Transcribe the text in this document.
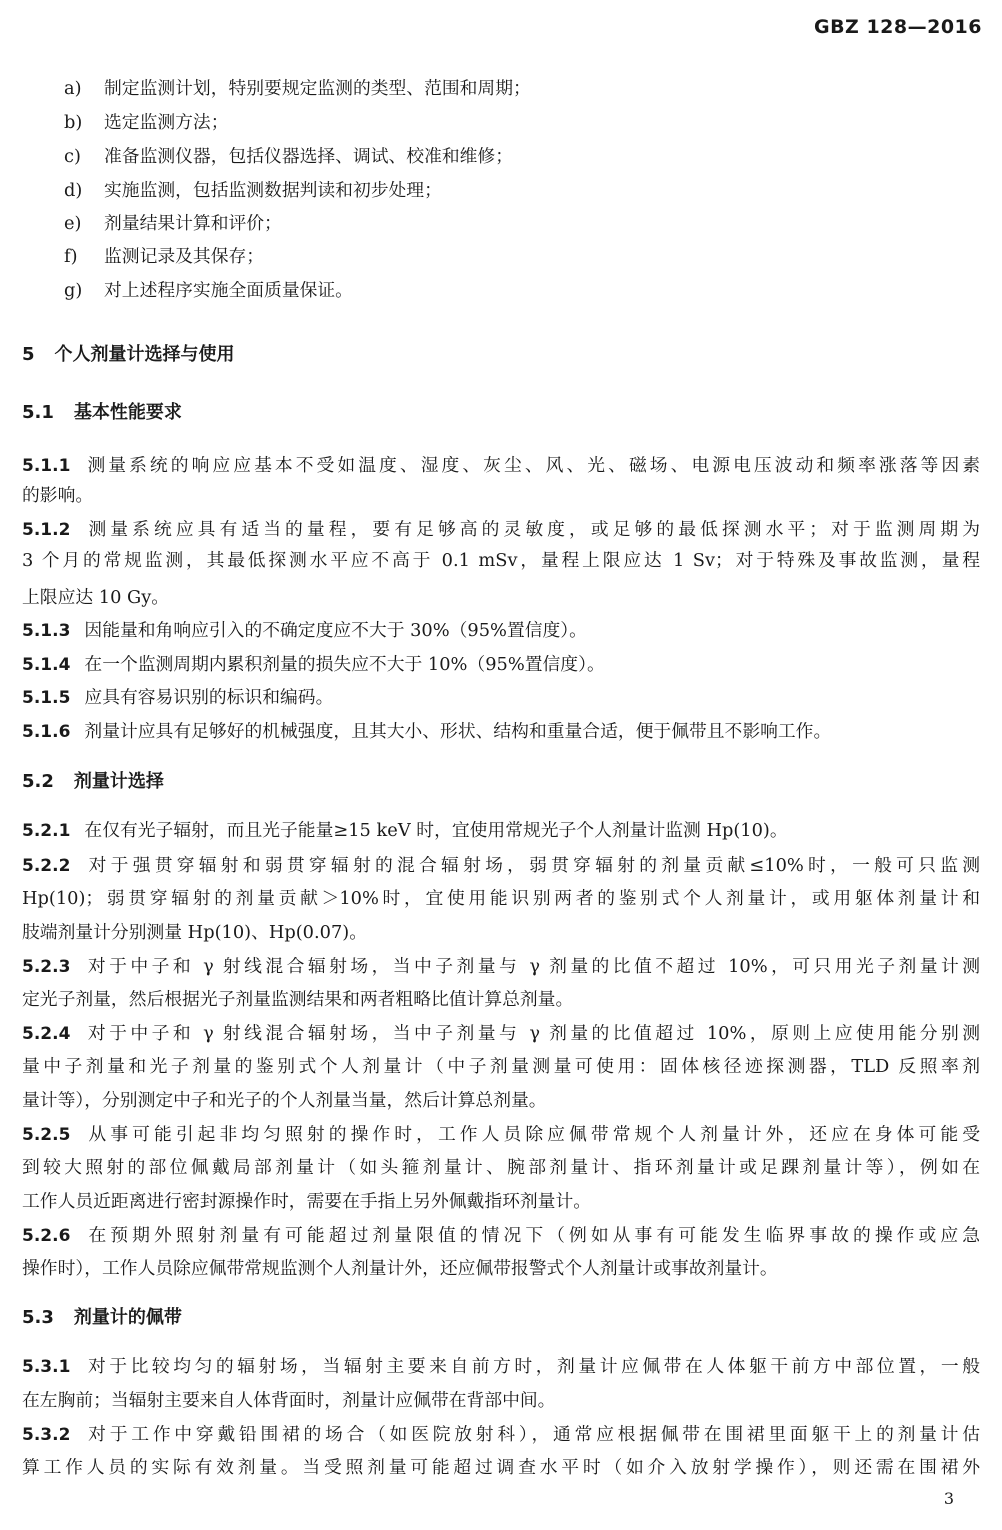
GBZ 128—2016
a) 制定监测计划，特别要规定监测的类型、范围和周期；
b) 选定监测方法；
c) 准备监测仪器，包括仪器选择、调试、校准和维修；
d) 实施监测，包括监测数据判读和初步处理；
e) 剂量结果计算和评价；
f) 监测记录及其保存；
g) 对上述程序实施全面质量保证。
5 个人剂量计选择与使用
5.1 基本性能要求
5.1.1 测量系统的响应应基本不受如温度、湿度、灰尘、风、光、磁场、电源电压波动和频率涨落等因素
的影响。
5.1.2 测量系统应具有适当的量程，要有足够高的灵敏度，或足够的最低探测水平；对于监测周期为
3 个月的常规监测，其最低探测水平应不高于 0.1 mSv，量程上限应达 1 Sv；对于特殊及事故监测，量程
上限应达 10 Gy。
5.1.3 因能量和角响应引入的不确定度应不大于 30%（95%置信度）。
5.1.4 在一个监测周期内累积剂量的损失应不大于 10%（95%置信度）。
5.1.5 应具有容易识别的标识和编码。
5.1.6 剂量计应具有足够好的机械强度，且其大小、形状、结构和重量合适，便于佩带且不影响工作。
5.2 剂量计选择
5.2.1 在仅有光子辐射，而且光子能量≥15 keV 时，宜使用常规光子个人剂量计监测 Hp(10)。
5.2.2 对于强贯穿辐射和弱贯穿辐射的混合辐射场，弱贯穿辐射的剂量贡献≤10%时，一般可只监测
Hp(10)；弱贯穿辐射的剂量贡献＞10%时，宜使用能识别两者的鉴别式个人剂量计，或用躯体剂量计和
肢端剂量计分别测量 Hp(10)、Hp(0.07)。
5.2.3 对于中子和 γ 射线混合辐射场，当中子剂量与 γ 剂量的比值不超过 10%，可只用光子剂量计测
定光子剂量，然后根据光子剂量监测结果和两者粗略比值计算总剂量。
5.2.4 对于中子和 γ 射线混合辐射场，当中子剂量与 γ 剂量的比值超过 10%，原则上应使用能分别测
量中子剂量和光子剂量的鉴别式个人剂量计（中子剂量测量可使用：固体核径迹探测器，TLD 反照率剂
量计等），分别测定中子和光子的个人剂量当量，然后计算总剂量。
5.2.5 从事可能引起非均匀照射的操作时，工作人员除应佩带常规个人剂量计外，还应在身体可能受
到较大照射的部位佩戴局部剂量计（如头箍剂量计、腕部剂量计、指环剂量计或足踝剂量计等），例如在
工作人员近距离进行密封源操作时，需要在手指上另外佩戴指环剂量计。
5.2.6 在预期外照射剂量有可能超过剂量限值的情况下（例如从事有可能发生临界事故的操作或应急
操作时），工作人员除应佩带常规监测个人剂量计外，还应佩带报警式个人剂量计或事故剂量计。
5.3 剂量计的佩带
5.3.1 对于比较均匀的辐射场，当辐射主要来自前方时，剂量计应佩带在人体躯干前方中部位置，一般
在左胸前；当辐射主要来自人体背面时，剂量计应佩带在背部中间。
5.3.2 对于工作中穿戴铅围裙的场合（如医院放射科），通常应根据佩带在围裙里面躯干上的剂量计估
算工作人员的实际有效剂量。当受照剂量可能超过调查水平时（如介入放射学操作），则还需在围裙外
3
